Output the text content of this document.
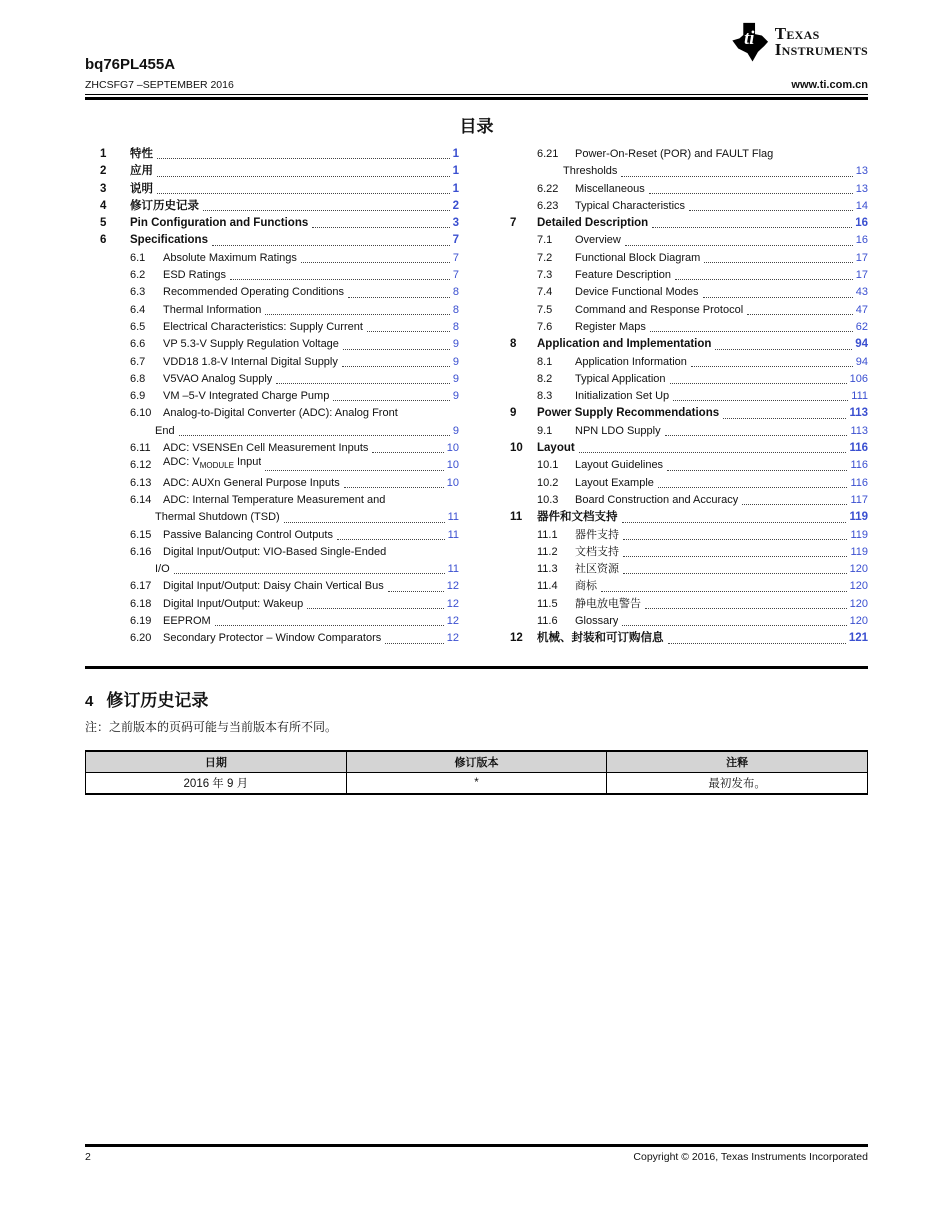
ti Texas
Instruments
bq76PL455A
ZHCSFG7 –SEPTEMBER 2016	www.ti.com.cn
目录
1	特性	1
2	应用	1
3	说明	1
4	修订历史记录	2
5	Pin Configuration and Functions	3
6	Specifications	7
6.1	Absolute Maximum Ratings	7
6.2	ESD Ratings	7
6.3	Recommended Operating Conditions	8
6.4	Thermal Information	8
6.5	Electrical Characteristics: Supply Current	8
6.6	VP 5.3-V Supply Regulation Voltage	9
6.7	VDD18 1.8-V Internal Digital Supply	9
6.8	V5VAO Analog Supply	9
6.9	VM –5-V Integrated Charge Pump	9
6.10	Analog-to-Digital Converter (ADC): Analog Front
End	9
6.11	ADC: VSENSEn Cell Measurement Inputs	10
6.12	ADC: $V_{MODULE}$ Input	10
6.13	ADC: AUXn General Purpose Inputs	10
6.14	ADC: Internal Temperature Measurement and
Thermal Shutdown (TSD)	11
6.15	Passive Balancing Control Outputs	11
6.16	Digital Input/Output: VIO-Based Single-Ended
I/O	11
6.17	Digital Input/Output: Daisy Chain Vertical Bus	12
6.18	Digital Input/Output: Wakeup	12
6.19	EEPROM	12
6.20	Secondary Protector – Window Comparators	12
6.21	Power-On-Reset (POR) and FAULT Flag
Thresholds	13
6.22	Miscellaneous	13
6.23	Typical Characteristics	14
7	Detailed Description	16
7.1	Overview	16
7.2	Functional Block Diagram	17
7.3	Feature Description	17
7.4	Device Functional Modes	43
7.5	Command and Response Protocol	47
7.6	Register Maps	62
8	Application and Implementation	94
8.1	Application Information	94
8.2	Typical Application	106
8.3	Initialization Set Up	111
9	Power Supply Recommendations	113
9.1	NPN LDO Supply	113
10	Layout	116
10.1	Layout Guidelines	116
10.2	Layout Example	116
10.3	Board Construction and Accuracy	117
11	器件和文档支持	119
11.1	器件支持	119
11.2	文档支持	119
11.3	社区资源	120
11.4	商标	120
11.5	静电放电警告	120
11.6	Glossary	120
12	机械、封装和可订购信息	121
4 修订历史记录

注：之前版本的页码可能与当前版本有所不同。

日期	修订版本	注释
2016 年 9 月	*	最初发布。
2	Copyright © 2016, Texas Instruments Incorporated
